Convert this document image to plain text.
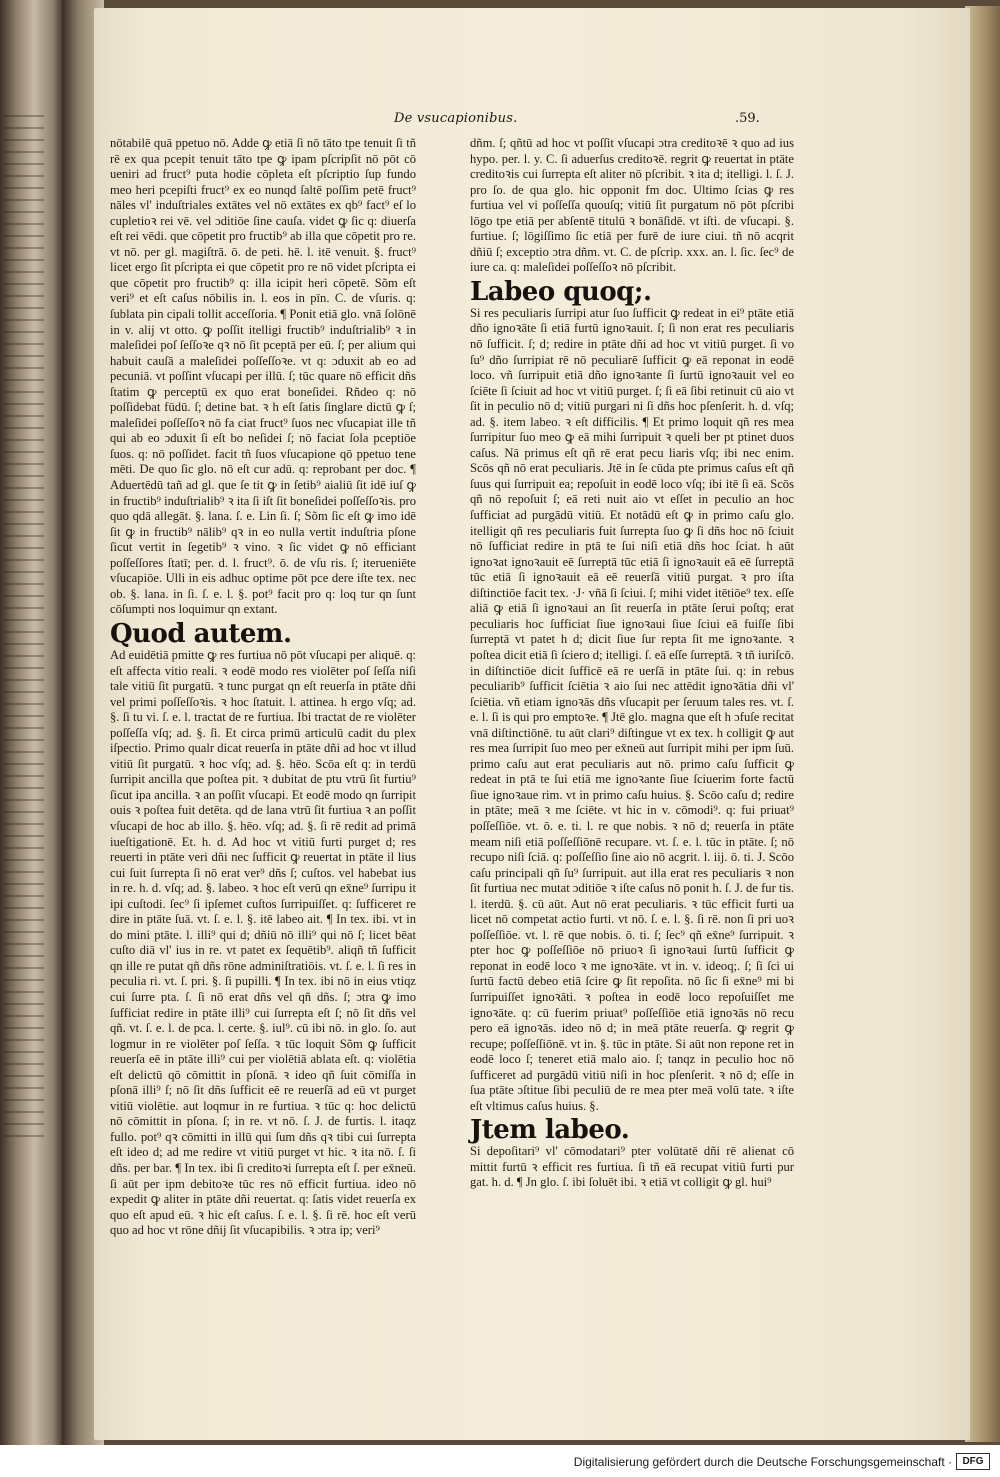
De vsucapionibus.	.59.

nōtabilē quā ppetuo nō. Adde ꝙ etiā ſi nō tāto tpe tenuit ſi tñ rē ex qua pcepit tenuit tāto tpe ꝙ ipam pſcripſit nō pōt cō ueniri ad fruct⁹ puta hodie cōpleta eſt pſcriptio ſup fundo meo heri pcepiſti fruct⁹ ex eo nunqd ſaltē poſſim petē fruct⁹ nāles vl' induſtriales extātes vel nō extātes ex qb⁹ fact⁹ eſ lo cupletioꝛ rei vē. vel ɔditiōe ſine cauſa. videt ꝙ ſic q: diuerſa eſt rei vēdi. que cōpetit pro fructib⁹ ab illa que cōpetit pro re. vt nō. per gl. magiſtrā. ō. de peti. hē. l. itē venuit. §. fruct⁹ licet ergo ſit pſcripta ei que cōpetit pro re nō videt pſcripta ei que cōpetit pro fructib⁹ q: illa icipit heri cōpetē. Sõm eſt veri⁹ et eſt caſus nōbilis in. l. eos in pīn. C. de vſuris. q: ſublata pin cipali tollit acceſſoria. ¶ Ponit etiā glo. vnā ſolōnē in v. alij vt otto. ꝙ poſſit itelligi fructib⁹ induſtrialib⁹ ꝛ in maleſidei poſ ſeſſoꝛe qꝛ nō ſit pceptā per eū. ſ; per alium qui habuit cauſā a maleſidei poſſeſſoꝛe. vt q: ɔduxit ab eo ad pecuniā. vt poſſint vſucapi per illū. ſ; tūc quare nō efficit dñs ſtatim ꝙ perceptū ex quo erat boneſidei. Rñdeo q: nō poſſidebat fūdū. ſ; detine bat. ꝛ h eſt ſatis ſinglare dictū ꝙ ſ; maleſidei poſſeſſoꝛ nō fa ciat fruct⁹ ſuos nec vſucapiat ille tñ qui ab eo ɔduxit ſi eſt bo neſidei ſ; nō faciat ſola pceptiōe ſuos. q: nō poſſidet. facit tñ ſuos vſucapione qō ppetuo tene mēti. De quo ſic glo. nō eſt cur adū. q: reprobant per doc. ¶ Aduertēdū tañ ad gl. que ſe tit ꝙ in ſetib⁹ aialiū ſit idē iuſ ꝙ in fructib⁹ induſtrialib⁹ ꝛ ita ſi iſt ſit boneſidei poſſeſſoꝛis. pro quo qdā allegāt. §. lana. ſ. e. Lin ſi. ſ; Sõm ſic eſt ꝙ imo idē ſit ꝙ in fructib⁹ nālib⁹ qꝛ in eo nulla vertit induſtria pſone ſicut vertit in ſegetib⁹ ꝛ vino. ꝛ ſic videt ꝙ nō efficiant poſſeſſores ſtatī; per. d. l. fruct⁹. ō. de vſu ris. ſ; iterueniēte vſucapiōe. Ulli in eis adhuc optime pōt pce dere iſte tex. nec ob. §. lana. in ſi. ſ. e. l. §. pot⁹ facit pro q: loq tur qn ſunt cōſumpti nos loquimur qn extant.

Quod autem.

Ad euidētiā pmitte ꝙ res furtiua nō pōt vſucapi per aliquē. q: eſt affecta vitio reali. ꝛ eodē modo res violēter poſ ſeſſa niſi tale vitiū ſit purgatū. ꝛ tunc purgat qn eſt reuerſa in ptāte dñi vel primi poſſeſſoꝛis. ꝛ hoc ſtatuit. l. attinea. h ergo vſq; ad. §. ſi tu vi. ſ. e. l. tractat de re furtiua. Ibi tractat de re violēter poſſeſſa vſq; ad. §. ſi. Et circa primū articulū cadit du plex iſpectio. Primo qualr dicat reuerſa in ptāte dñi ad hoc vt illud vitiū ſit purgatū. ꝛ hoc vſq; ad. §. hēo. Scōa eſt q: in terdū ſurripit ancilla que poſtea pit. ꝛ dubitat de ptu vtrū ſit furtiu⁹ ſicut ipa ancilla. ꝛ an poſſit vſucapi. Et eodē modo qn ſurripit ouis ꝛ poſtea fuit detēta. qd de lana vtrū ſit furtiua ꝛ an poſſit vſucapi de hoc ab illo. §. hēo. vſq; ad. §. ſi rē redit ad primā iueſtigationē. Et. h. d. Ad hoc vt vitiū furti purget d; res reuerti in ptāte veri dñi nec ſufficit ꝙ reuertat in ptāte il lius cui ſuit ſurrepta ſi nō erat ver⁹ dñs ſ; cuſtos. vel habebat ius in re. h. d. vſq; ad. §. labeo. ꝛ hoc eſt verū qn ex̄ne⁹ ſurripu it ipi cuſtodi. ſec⁹ ſi ipſemet cuſtos ſurripuiſſet. q: ſufficeret re dire in ptāte ſuā. vt. ſ. e. l. §. itē labeo ait. ¶ In tex. ibi. vt in do mini ptāte. l. illi⁹ qui d; dñiū nō illi⁹ qui nō ſ; licet bēat cuſto diā vl' ius in re. vt patet ex ſequētib⁹. aliqñ tñ ſufficit qn ille re putat qñ dñs rōne adminiſtratiōis. vt. ſ. e. l. ſi res in peculia ri. vt. ſ. pri. §. ſi pupilli. ¶ In tex. ibi nō in eius vtiqz cui ſurre pta. ſ. ſi nō erat dñs vel qñ dñs. ſ; ɔtra ꝙ imo ſufficiat redire in ptāte illi⁹ cui ſurrepta eſt ſ; nō ſit dñs vel qñ. vt. ſ. e. l. de pca. l. certe. §. iul⁹. cū ibi nō. in glo. ſo. aut logmur in re violēter poſ ſeſſa. ꝛ tūc loquit Sõm ꝙ ſufficit reuerſa eē in ptāte illi⁹ cui per violētiā ablata eſt. q: violētia eſt delictū qō cōmittit in pſonā. ꝛ ideo qñ ſuit cōmiſſa in pſonā illi⁹ ſ; nō ſit dñs ſufficit eē re reuerſā ad eū vt purget vitiū violētie. aut loqmur in re furtiua. ꝛ tūc q: hoc delictū nō cōmittit in pſona. ſ; in re. vt nō. ſ. J. de furtis. l. itaqz fullo. pot⁹ qꝛ cōmitti in illū qui ſum dñs qꝛ tibi cui ſurrepta eſt ideo d; ad me redire vt vitiū purget vt hic. ꝛ ita nō. ſ. ſi dñs. per bar. ¶ In tex. ibi ſi creditoꝛi ſurrepta eſt ſ. per ex̄neū. ſi aūt per ipm debitoꝛe tūc res nō efficit furtiua. ideo nō expedit ꝙ aliter in ptāte dñi reuertat. q: ſatis videt reuerſa ex quo eſt apud eū. ꝛ hic eſt caſus. ſ. e. l. §. ſi rē. hoc eſt verū quo ad hoc vt rōne dñij ſit vſucapibilis. ꝛ ɔtra ip; veri⁹

dñm. ſ; qñtū ad hoc vt poſſit vſucapi ɔtra creditoꝛē ꝛ quo ad ius hypo. per. l. y. C. ſi aduerſus creditoꝛē. regrit ꝙ reuertat in ptāte creditoꝛis cui ſurrepta eſt aliter nō pſcribit. ꝛ ita d; itelligi. l. ſ. J. pro ſo. de qua glo. hic opponit fm doc. Ultimo ſcias ꝙ res furtiua vel vi poſſeſſa quouſq; vitiū ſit purgatum nō pōt pſcribi lōgo tpe etiā per abſentē titulū ꝛ bonāſidē. vt iſti. de vſucapi. §. furtiue. ſ; lōgiſſimo ſic etiā per furē de iure ciui. tñ nō acqrit dñiū ſ; exceptio ɔtra dñm. vt. C. de pſcrip. xxx. an. l. ſic. ſec⁹ de iure ca. q: maleſidei poſſeſſoꝛ nō pſcribit.

Labeo quoq;.

Si res peculiaris ſurripi atur ſuo ſufficit ꝙ redeat in ei⁹ ptāte etiā dño ignoꝛāte ſi etiā furtū ignoꝛauit. ſ; ſi non erat res peculiaris nō ſufficit. ſ; d; redire in ptāte dñi ad hoc vt vitiū purget. ſi vo ſu⁹ dño ſurripiat rē nō peculiarē ſufficit ꝙ eā reponat in eodē loco. vñ ſurripuit etiā dño ignoꝛante ſi ſurtū ignoꝛauit vel eo ſciēte ſi ſciuit ad hoc vt vitiū purget. ſ; ſi eā ſibi retinuit cū aio vt ſit in peculio nō d; vitiū purgari ni ſi dñs hoc pſenſerit. h. d. vſq; ad. §. item labeo. ꝛ eſt difficilis. ¶ Et primo loquit qñ res mea ſurripitur ſuo meo ꝙ eā mihi ſurripuit ꝛ queli ber pt ptinet duos caſus. Nā primus eſt qñ rē erat pecu liaris vſq; ibi nec enim. Scōs qñ nō erat peculiaris. Jtē in ſe cūda pte primus caſus eſt qñ ſuus qui ſurripuit ea; repoſuit in eodē loco vſq; ibi itē ſi eā. Scōs qñ nō repoſuit ſ; eā reti nuit aio vt eſſet in peculio an hoc ſufficiat ad purgādū vitiū. Et notādū eſt ꝙ in primo caſu glo. itelligit qñ res peculiaris fuit ſurrepta ſuo ꝙ ſi dñs hoc nō ſciuit nō ſufficiat redire in ptā te ſui niſi etiā dñs hoc ſciat. h aūt ignoꝛat ignoꝛauit eē ſurreptā tūc etiā ſi ignoꝛauit eā eē ſurreptā tūc etiā ſi ignoꝛauit eā eē reuerſā vitiū purgat. ꝛ pro iſta diſtinctiōe facit tex. ·J· vñā ſi ſciui. ſ; mihi videt itētiōe⁹ tex. eſſe aliā ꝙ etiā ſi ignoꝛaui an ſit reuerſa in ptāte ſerui poſtq; erat peculiaris hoc ſufficiat ſiue ignoꝛaui ſiue ſciui eā fuiſſe ſibi ſurreptā vt patet h d; dicit ſiue ſur repta ſit me ignoꝛante. ꝛ poſtea dicit etiā ſi ſciero d; itelligi. ſ. eā eſſe ſurreptā. ꝛ tñ iuriſcō. in diſtinctiōe dicit ſufficē eā re uerſā in ptāte ſui. q: in rebus peculiarib⁹ ſufficit ſciētia ꝛ aio ſui nec attēdit ignoꝛātia dñi vl' ſciētia. vñ etiam ignoꝛās dñs vſucapit per ſeruum tales res. vt. ſ. e. l. ſi is qui pro emptoꝛe. ¶ Jtē glo. magna que eſt h ɔfuſe recitat vnā diſtinctiōnē. tu aūt clari⁹ diſtingue vt ex tex. h colligit ꝙ aut res mea ſurripit ſuo meo per ex̄neū aut ſurripit mihi per ipm ſuū. primo caſu aut erat peculiaris aut nō. primo caſu ſufficit ꝙ redeat in ptā te ſui etiā me ignoꝛante ſiue ſciuerim forte factū ſiue ignoꝛaue rim. vt in primo caſu huius. §. Scōo caſu d; redire in ptāte; meā ꝛ me ſciēte. vt hic in v. cōmodi⁹. q: fui priuat⁹ poſſeſſiōe. vt. ō. e. ti. l. re que nobis. ꝛ nō d; reuerſa in ptāte meam niſi etiā poſſeſſiōnē recupare. vt. ſ. e. l. tūc in ptāte. ſ; nō recupo niſi ſciā. q: poſſeſſio ſine aio nō acgrit. l. iij. ō. ti. J. Scōo caſu principali qñ ſu⁹ ſurripuit. aut illa erat res peculiaris ꝛ non ſit furtiua nec mutat ɔditiōe ꝛ iſte caſus nō ponit h. ſ. J. de fur tis. l. iterdū. §. cū aūt. Aut nō erat peculiaris. ꝛ tūc efficit furti ua licet nō competat actio furti. vt nō. ſ. e. l. §. ſi rē. non ſi pri uoꝛ poſſeſſiōe. vt. l. rē que nobis. ō. ti. ſ; ſec⁹ qñ ex̄ne⁹ ſurripuit. ꝛ pter hoc ꝙ poſſeſſiōe nō priuoꝛ ſi ignoꝛaui ſurtū ſufficit ꝙ reponat in eodē loco ꝛ me ignoꝛāte. vt in. v. ideoq;. ſ; ſi ſci ui ſurtū factū debeo etiā ſcire ꝙ ſit repoſita. nō ſic ſi ex̄ne⁹ mi bi ſurripuiſſet ignoꝛāti. ꝛ poſtea in eodē loco repoſuiſſet me ignoꝛāte. q: cū fuerim priuat⁹ poſſeſſiōe etiā ignoꝛās nō recu pero eā ignoꝛās. ideo nō d; in meā ptāte reuerſa. ꝙ regrit ꝙ recupe; poſſeſſiōnē. vt in. §. tūc in ptāte. Si aūt non repone ret in eodē loco ſ; teneret etiā malo aio. ſ; tanqz in peculio hoc nō ſufficeret ad purgādū vitiū niſi in hoc pſenſerit. ꝛ nō d; eſſe in ſua ptāte ɔſtitue ſibi peculiū de re mea pter meā volū tate. ꝛ iſte eſt vltimus caſus huius. §.

Jtem labeo.

Si depoſitari⁹ vl' cōmodatari⁹ pter volūtatē dñi rē alienat cō mittit furtū ꝛ efficit res furtiua. ſi tñ eā recupat vitiū furti pur gat. h. d. ¶ Jn glo. ſ. ibi ſoluēt ibi. ꝛ etiā vt colligit ꝙ gl. hui⁹

Digitalisierung gefördert durch die Deutsche Forschungsgemeinschaft ·	DFG
